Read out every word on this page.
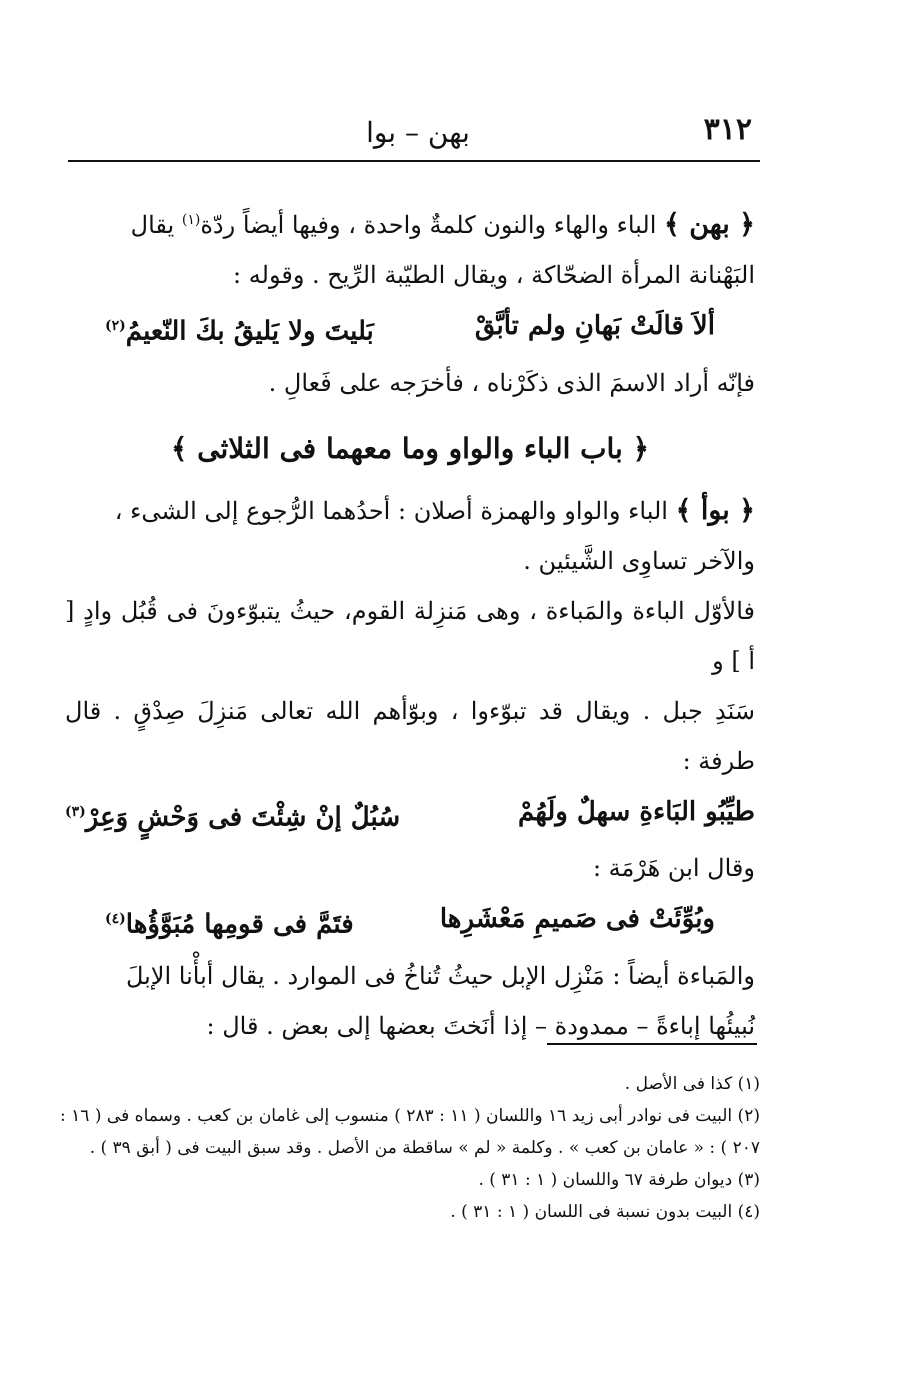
٣١٢
بهن – بوا

﴿ بهن ﴾ الباء والهاء والنون كلمةٌ واحدة ، وفيها أيضاً ردّة$^{(١)}$ يقال

البَهْنانة المرأة الضحّاكة ، ويقال الطيّبة الرِّيح . وقوله :

ألاَ قالَتْ بَهانِ ولم تأبَّقْ
بَليتَ ولا يَليقُ بكَ النّعيمُ$^{(٢)}$

فإنّه أراد الاسمَ الذى ذكَرْناه ، فأخرَجه على فَعالِ .

﴿ باب الباء والواو وما معهما فى الثلاثى ﴾

﴿ بوأ ﴾ الباء والواو والهمزة أصلان : أحدُهما الرُّجوع إلى الشىء ،

والآخر تساوِى الشَّيئين .

فالأوّل الباءة والمَباءة ، وهى مَنزِلة القوم، حيثُ يتبوّءونَ فى قُبُل وادٍ [ أ ] و

سَنَدِ جبل . ويقال قد تبوّءوا ، وبوّأهم الله تعالى مَنزِلَ صِدْقٍ . قال طرفة :

طيِّبُو البَاءةِ سهلٌ ولَهُمْ
سُبُلٌ إنْ شِئْتَ فى وَحْشٍ وَعِرْ$^{(٣)}$

وقال ابن هَرْمَة :

وبُوِّئَتْ فى صَميمِ مَعْشَرِها
فتَمَّ فى قومِها مُبَوَّؤُها$^{(٤)}$

والمَباءة أيضاً : مَنْزِل الإبل حيثُ تُناخُ فى الموارد . يقال أبأْنا الإبلَ

نُبيئُها إباءةً – ممدودة – إذا أنَختَ بعضها إلى بعض . قال :

(١) كذا فى الأصل .

(٢) البيت فى نوادر أبى زيد ١٦ واللسان ( ١١ : ٢٨٣ ) منسوب إلى غامان بن كعب . وسماه فى ( ١٦ : ٢٠٧ ) : « عامان بن كعب » . وكلمة « لم » ساقطة من الأصل . وقد سبق البيت فى ( أبق ٣٩ ) .

(٣) ديوان طرفة ٦٧ واللسان ( ١ : ٣١ ) .

(٤) البيت بدون نسبة فى اللسان ( ١ : ٣١ ) .
